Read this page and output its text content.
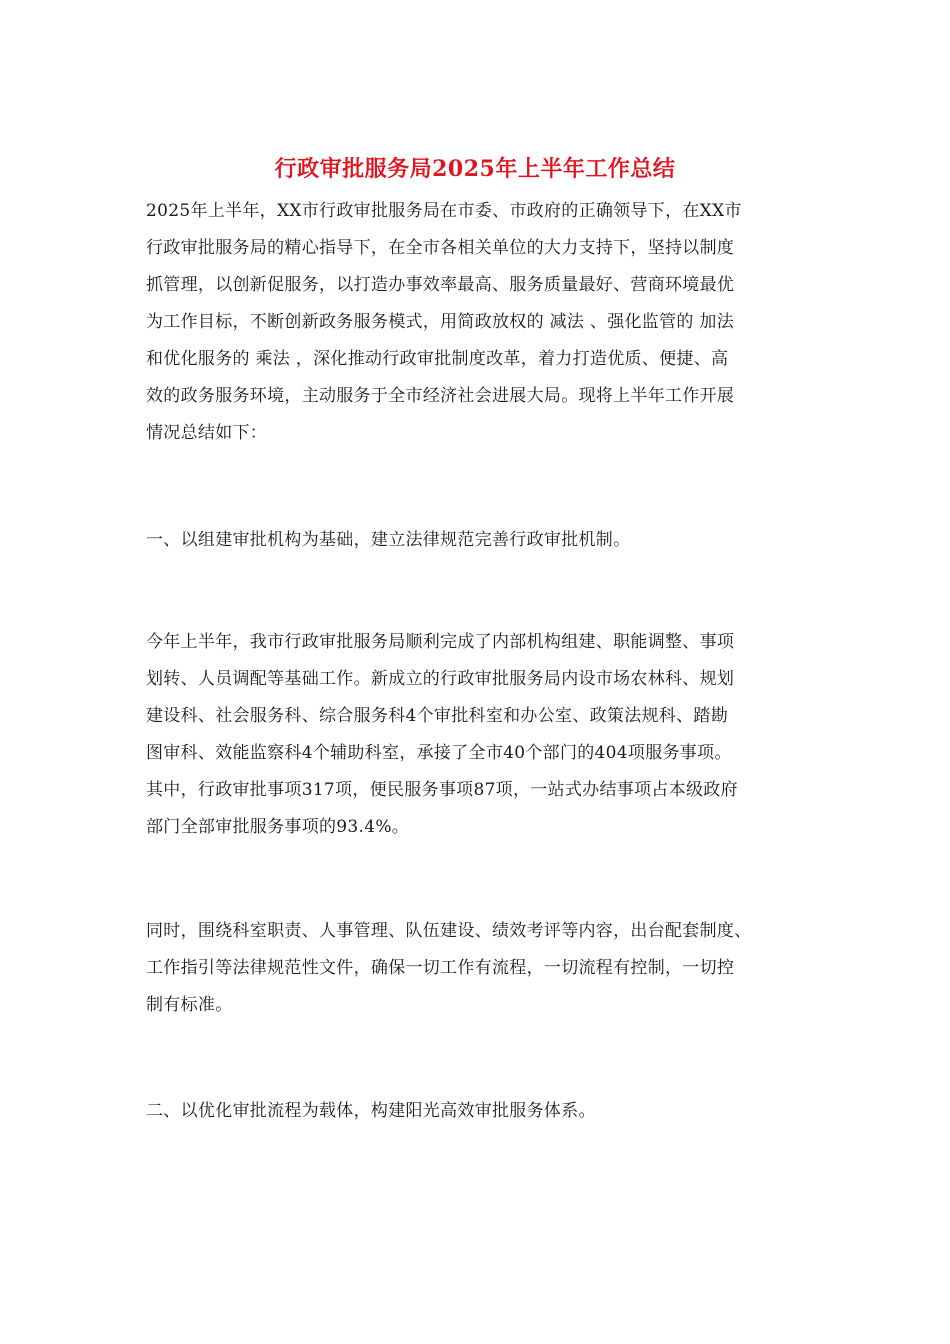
行政审批服务局2025年上半年工作总结
2025年上半年，XX市行政审批服务局在市委、市政府的正确领导下，在XX市
行政审批服务局的精心指导下，在全市各相关单位的大力支持下，坚持以制度
抓管理，以创新促服务，以打造办事效率最高、服务质量最好、营商环境最优
为工作目标，不断创新政务服务模式，用简政放权的 减法 、强化监管的 加法
和优化服务的 乘法 ，深化推动行政审批制度改革，着力打造优质、便捷、高
效的政务服务环境，主动服务于全市经济社会进展大局。现将上半年工作开展
情况总结如下：
一、以组建审批机构为基础，建立法律规范完善行政审批机制。
今年上半年，我市行政审批服务局顺利完成了内部机构组建、职能调整、事项
划转、人员调配等基础工作。新成立的行政审批服务局内设市场农林科、规划
建设科、社会服务科、综合服务科4个审批科室和办公室、政策法规科、踏勘
图审科、效能监察科4个辅助科室，承接了全市40个部门的404项服务事项。
其中，行政审批事项317项，便民服务事项87项，一站式办结事项占本级政府
部门全部审批服务事项的93.4%。
同时，围绕科室职责、人事管理、队伍建设、绩效考评等内容，出台配套制度、
工作指引等法律规范性文件，确保一切工作有流程，一切流程有控制，一切控
制有标准。
二、以优化审批流程为载体，构建阳光高效审批服务体系。
